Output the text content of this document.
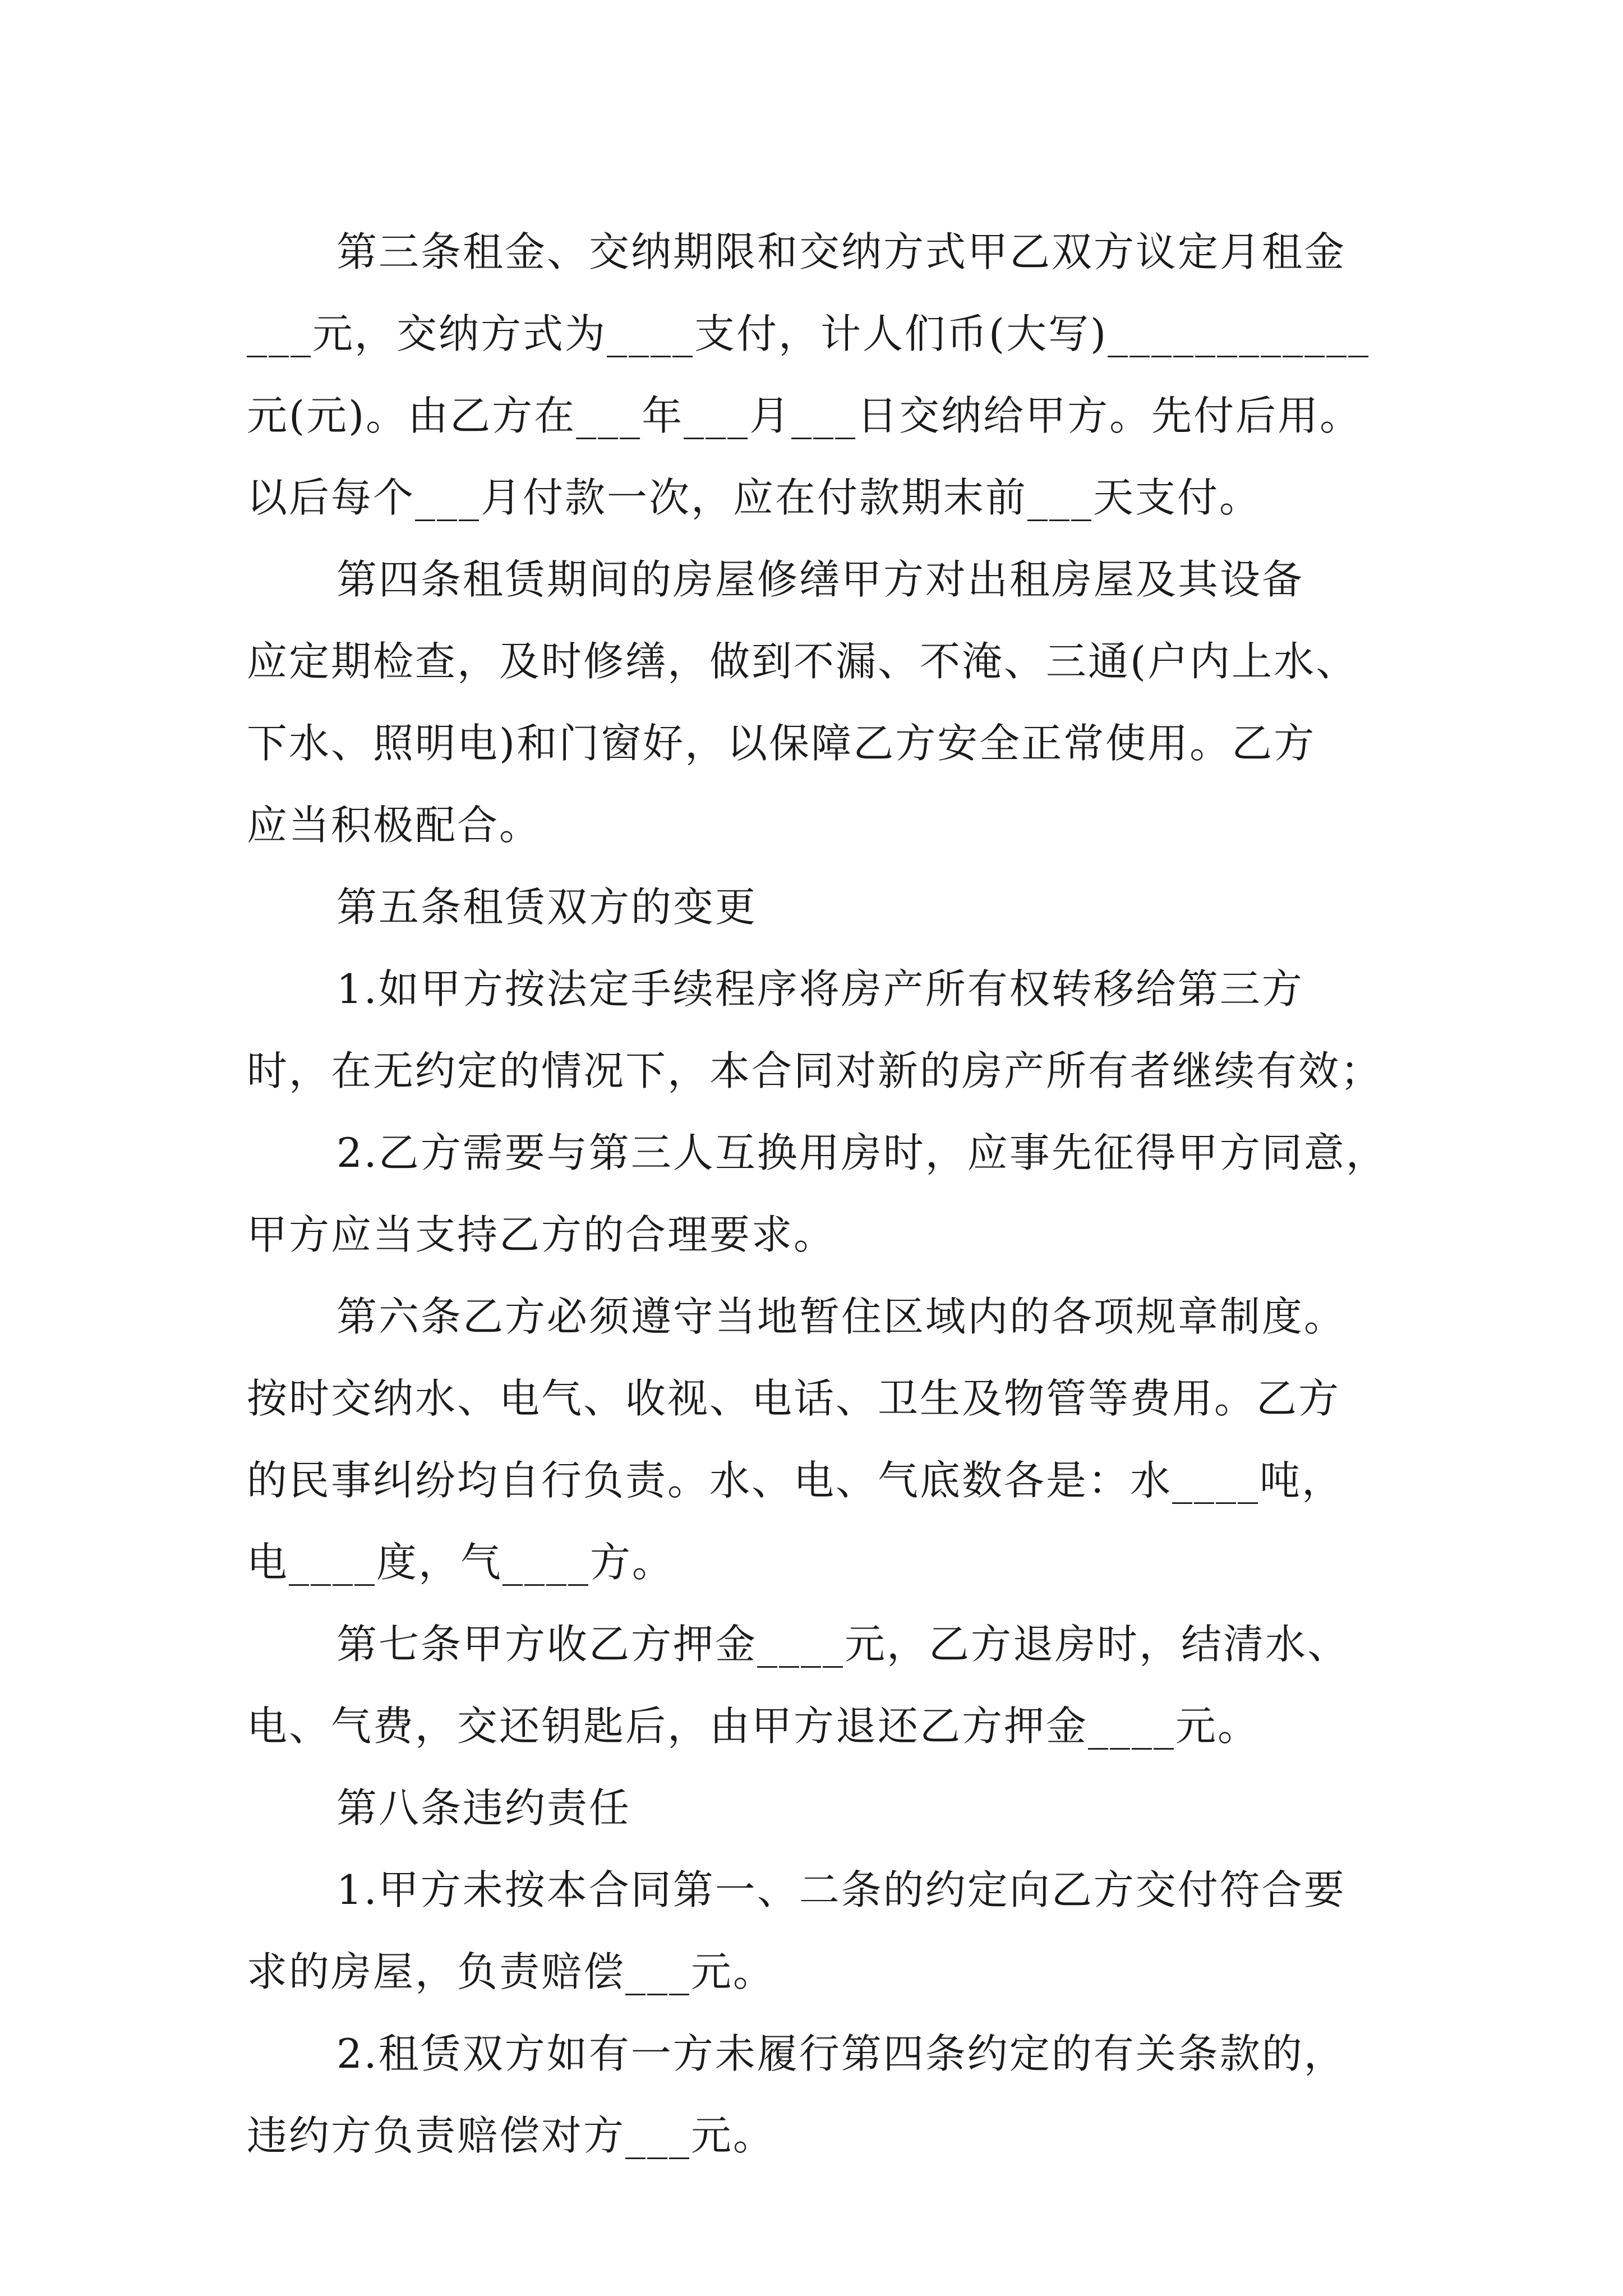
第三条租金、交纳期限和交纳方式甲乙双方议定月租金
___元，交纳方式为____支付，计人们币(大写)____________
元(元)。由乙方在___年___月___日交纳给甲方。先付后用。
以后每个___月付款一次，应在付款期末前___天支付。
第四条租赁期间的房屋修缮甲方对出租房屋及其设备
应定期检查，及时修缮，做到不漏、不淹、三通(户内上水、
下水、照明电)和门窗好，以保障乙方安全正常使用。乙方
应当积极配合。
第五条租赁双方的变更
1.如甲方按法定手续程序将房产所有权转移给第三方
时，在无约定的情况下，本合同对新的房产所有者继续有效；
2.乙方需要与第三人互换用房时，应事先征得甲方同意，
甲方应当支持乙方的合理要求。
第六条乙方必须遵守当地暂住区域内的各项规章制度。
按时交纳水、电气、收视、电话、卫生及物管等费用。乙方
的民事纠纷均自行负责。水、电、气底数各是：水____吨，
电____度，气____方。
第七条甲方收乙方押金____元，乙方退房时，结清水、
电、气费，交还钥匙后，由甲方退还乙方押金____元。
第八条违约责任
1.甲方未按本合同第一、二条的约定向乙方交付符合要
求的房屋，负责赔偿___元。
2.租赁双方如有一方未履行第四条约定的有关条款的，
违约方负责赔偿对方___元。
